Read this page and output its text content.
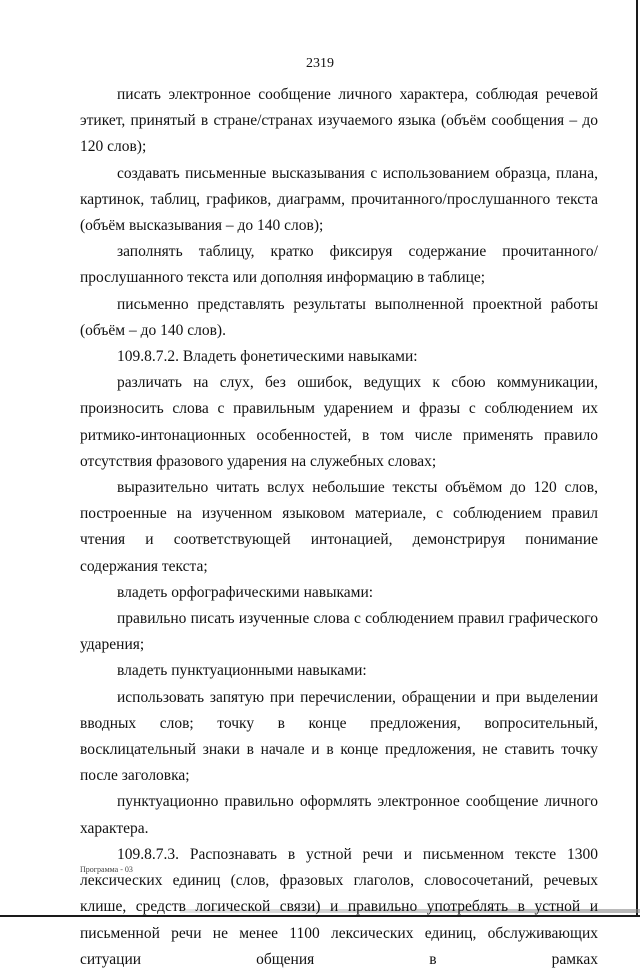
2319

писать электронное сообщение личного характера, соблюдая речевой этикет, принятый в стране/странах изучаемого языка (объём сообщения – до 120 слов);

создавать письменные высказывания с использованием образца, плана, картинок, таблиц, графиков, диаграмм, прочитанного/прослушанного текста (объём высказывания – до 140 слов);

заполнять таблицу, кратко фиксируя содержание прочитанного/ прослушанного текста или дополняя информацию в таблице;

письменно представлять результаты выполненной проектной работы (объём – до 140 слов).

109.8.7.2. Владеть фонетическими навыками:

различать на слух, без ошибок, ведущих к сбою коммуникации, произносить слова с правильным ударением и фразы с соблюдением их ритмико-интонационных особенностей, в том числе применять правило отсутствия фразового ударения на служебных словах;

выразительно читать вслух небольшие тексты объёмом до 120 слов, построенные на изученном языковом материале, с соблюдением правил чтения и соответствующей интонацией, демонстрируя понимание содержания текста;

владеть орфографическими навыками:

правильно писать изученные слова с соблюдением правил графического ударения;

владеть пунктуационными навыками:

использовать запятую при перечислении, обращении и при выделении вводных слов; точку в конце предложения, вопросительный, восклицательный знаки в начале и в конце предложения, не ставить точку после заголовка;

пунктуационно правильно оформлять электронное сообщение личного характера.

109.8.7.3. Распознавать в устной речи и письменном тексте 1300 лексических единиц (слов, фразовых глаголов, словосочетаний, речевых клише, средств логической связи) и правильно употреблять в устной и письменной речи не менее 1100 лексических единиц, обслуживающих ситуации общения в рамках

Программа - 03
